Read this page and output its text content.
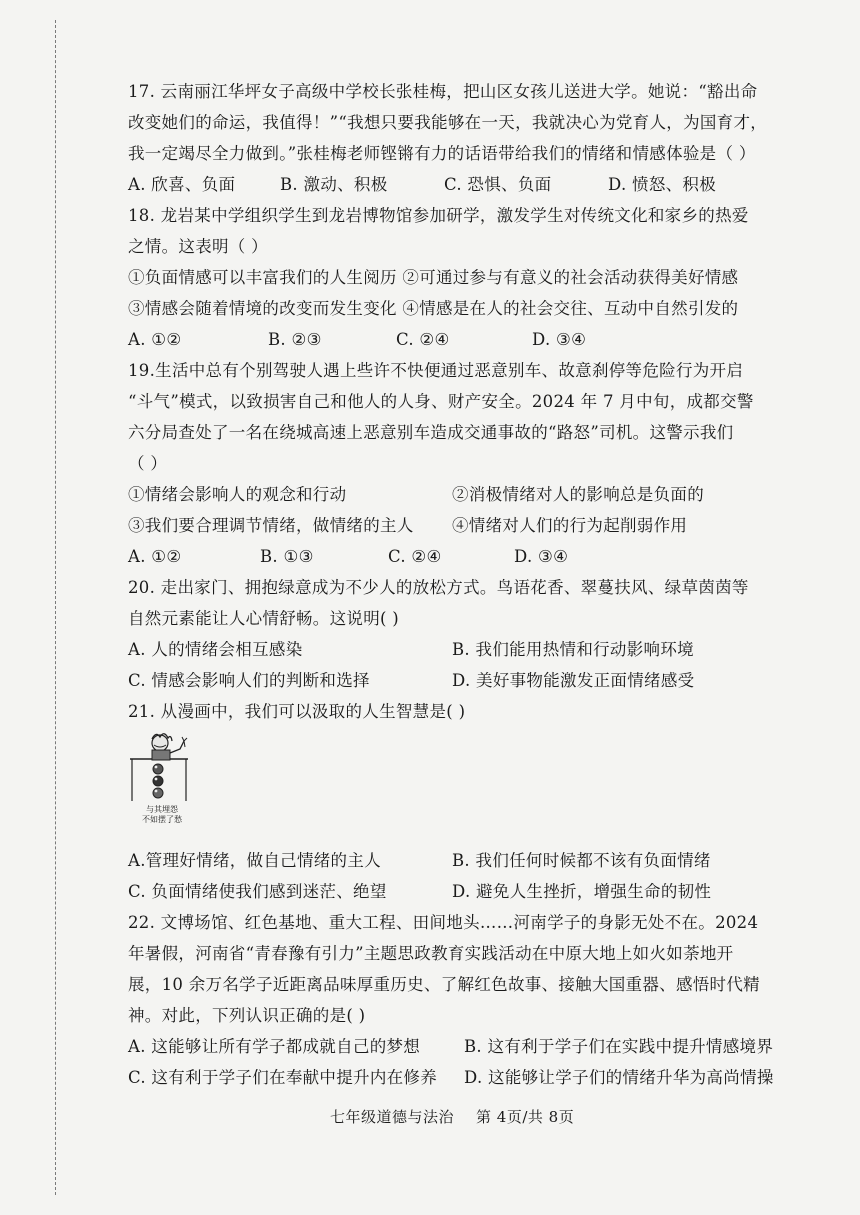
17. 云南丽江华坪女子高级中学校长张桂梅，把山区女孩儿送进大学。她说：“豁出命
改变她们的命运，我值得！”“我想只要我能够在一天，我就决心为党育人，为国育才，
我一定竭尽全力做到。”张桂梅老师铿锵有力的话语带给我们的情绪和情感体验是（ ）
A. 欣喜、负面	B. 激动、积极	C. 恐惧、负面	D. 愤怒、积极
18. 龙岩某中学组织学生到龙岩博物馆参加研学，激发学生对传统文化和家乡的热爱
之情。这表明（ ）
①负面情感可以丰富我们的人生阅历 ②可通过参与有意义的社会活动获得美好情感
③情感会随着情境的改变而发生变化 ④情感是在人的社会交往、互动中自然引发的
A. ①②	B. ②③	C. ②④	D. ③④
19.生活中总有个别驾驶人遇上些许不快便通过恶意别车、故意刹停等危险行为开启
“斗气”模式，以致损害自己和他人的人身、财产安全。2024 年 7 月中旬，成都交警
六分局查处了一名在绕城高速上恶意别车造成交通事故的“路怒”司机。这警示我们
（ ）
①情绪会影响人的观念和行动	②消极情绪对人的影响总是负面的
③我们要合理调节情绪，做情绪的主人	④情绪对人们的行为起削弱作用
A. ①②	B. ①③	C. ②④	D. ③④
20. 走出家门、拥抱绿意成为不少人的放松方式。鸟语花香、翠蔓扶风、绿草茵茵等
自然元素能让人心情舒畅。这说明( )
A. 人的情绪会相互感染	B. 我们能用热情和行动影响环境
C. 情感会影响人们的判断和选择	D. 美好事物能激发正面情绪感受
21. 从漫画中，我们可以汲取的人生智慧是( )
与其埋怨
不如摆了愁
A.管理好情绪，做自己情绪的主人	B. 我们任何时候都不该有负面情绪
C. 负面情绪使我们感到迷茫、绝望	D. 避免人生挫折，增强生命的韧性
22. 文博场馆、红色基地、重大工程、田间地头……河南学子的身影无处不在。2024
年暑假，河南省“青春豫有引力”主题思政教育实践活动在中原大地上如火如荼地开
展，10 余万名学子近距离品味厚重历史、了解红色故事、接触大国重器、感悟时代精
神。对此，下列认识正确的是( )
A. 这能够让所有学子都成就自己的梦想	B. 这有利于学子们在实践中提升情感境界
C. 这有利于学子们在奉献中提升内在修养	D. 这能够让学子们的情绪升华为高尚情操
七年级道德与法治 第 4页/共 8页
